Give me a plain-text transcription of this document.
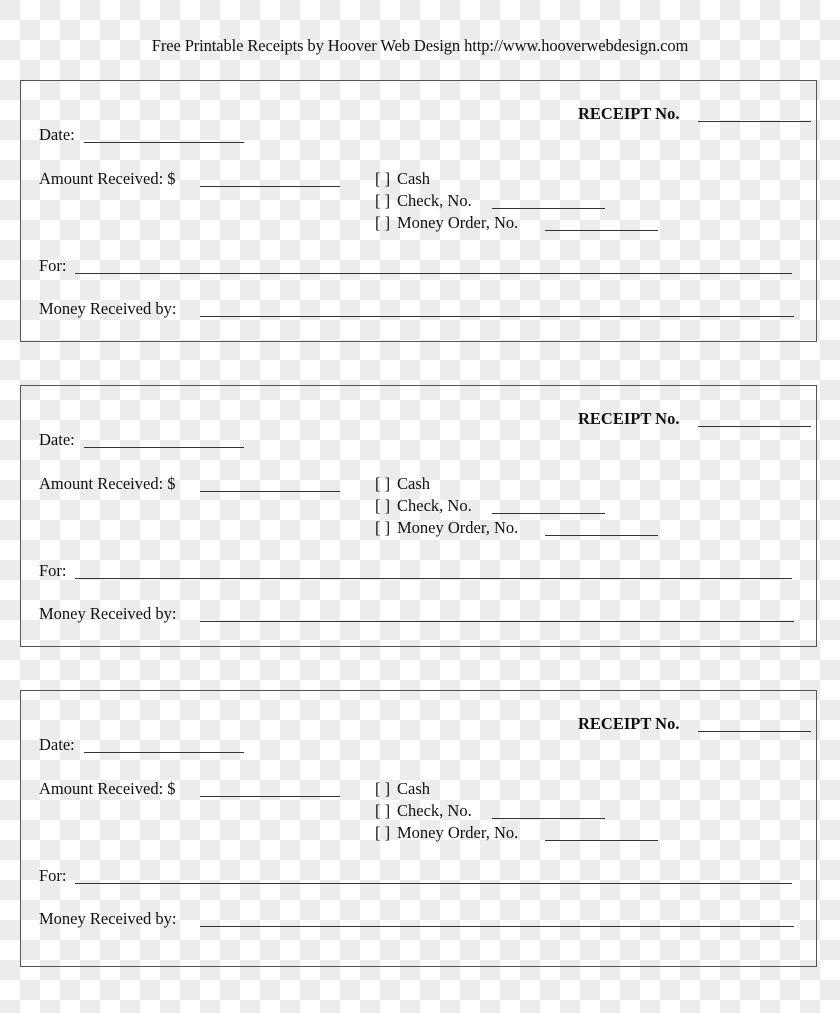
Free Printable Receipts by Hoover Web Design http://www.hooverwebdesign.com
RECEIPT No.
Date:
Amount Received: $	[ ] Cash
[ ] Check, No.
[ ] Money Order, No.
For:
Money Received by:
RECEIPT No.
Date:
Amount Received: $	[ ] Cash
[ ] Check, No.
[ ] Money Order, No.
For:
Money Received by:
RECEIPT No.
Date:
Amount Received: $	[ ] Cash
[ ] Check, No.
[ ] Money Order, No.
For:
Money Received by:
